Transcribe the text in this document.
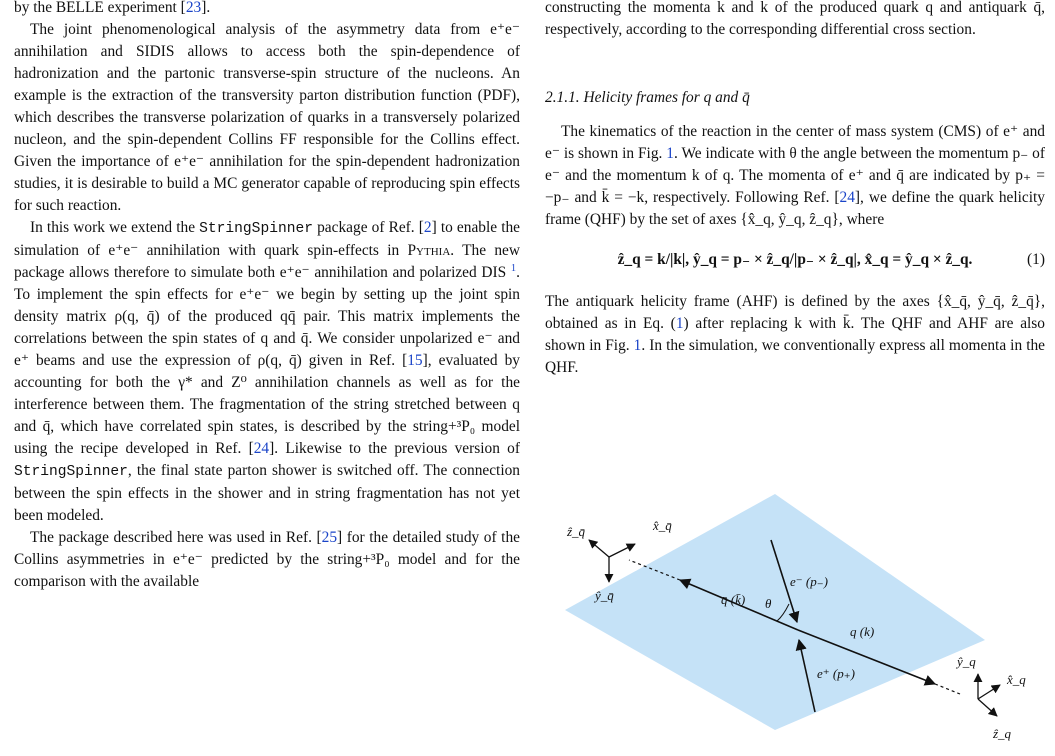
by the BELLE experiment [23].

The joint phenomenological analysis of the asymmetry data from e⁺e⁻ annihilation and SIDIS allows to access both the spin-dependence of hadronization and the partonic transverse-spin structure of the nucleons. An example is the extraction of the transversity parton distribution function (PDF), which describes the transverse polarization of quarks in a transversely polarized nucleon, and the spin-dependent Collins FF responsible for the Collins effect. Given the importance of e⁺e⁻ annihilation for the spin-dependent hadronization studies, it is desirable to build a MC generator capable of reproducing spin effects for such reaction.

In this work we extend the StringSpinner package of Ref. [2] to enable the simulation of e⁺e⁻ annihilation with quark spin-effects in Pythia. The new package allows therefore to simulate both e⁺e⁻ annihilation and polarized DIS $^1$. To implement the spin effects for e⁺e⁻ we begin by setting up the joint spin density matrix ρ(q, q̄) of the produced qq̄ pair. This matrix implements the correlations between the spin states of q and q̄. We consider unpolarized e⁻ and e⁺ beams and use the expression of ρ(q, q̄) given in Ref. [15], evaluated by accounting for both the γ* and Z⁰ annihilation channels as well as for the interference between them. The fragmentation of the string stretched between q and q̄, which have correlated spin states, is described by the string+³P₀ model using the recipe developed in Ref. [24]. Likewise to the previous version of StringSpinner, the final state parton shower is switched off. The connection between the spin effects in the shower and in string fragmentation has not yet been modeled.

The package described here was used in Ref. [25] for the detailed study of the Collins asymmetries in e⁺e⁻ predicted by the string+³P₀ model and for the comparison with the available

constructing the momenta k and k̄ of the produced quark q and antiquark q̄, respectively, according to the corresponding differential cross section.

2.1.1. Helicity frames for q and q̄

The kinematics of the reaction in the center of mass system (CMS) of e⁺ and e⁻ is shown in Fig. 1. We indicate with θ the angle between the momentum p₋ of e⁻ and the momentum k of q. The momenta of e⁺ and q̄ are indicated by p₊ = −p₋ and k̄ = −k, respectively. Following Ref. [24], we define the quark helicity frame (QHF) by the set of axes {x̂_q, ŷ_q, ẑ_q}, where

ẑ_q = k/|k|, ŷ_q = p₋ × ẑ_q/|p₋ × ẑ_q|, x̂_q = ŷ_q × ẑ_q.	(1)

The antiquark helicity frame (AHF) is defined by the axes {x̂_q̄, ŷ_q̄, ẑ_q̄}, obtained as in Eq. (1) after replacing k with k̄. The QHF and AHF are also shown in Fig. 1. In the simulation, we conventionally express all momenta in the QHF.

ẑ_q̄	x̂_q̄
ŷ_q̄
e⁻ (p₋)
q̄ (k̄) θ
q (k)
e⁺ (p₊)
ŷ_q
x̂_q
ẑ_q
